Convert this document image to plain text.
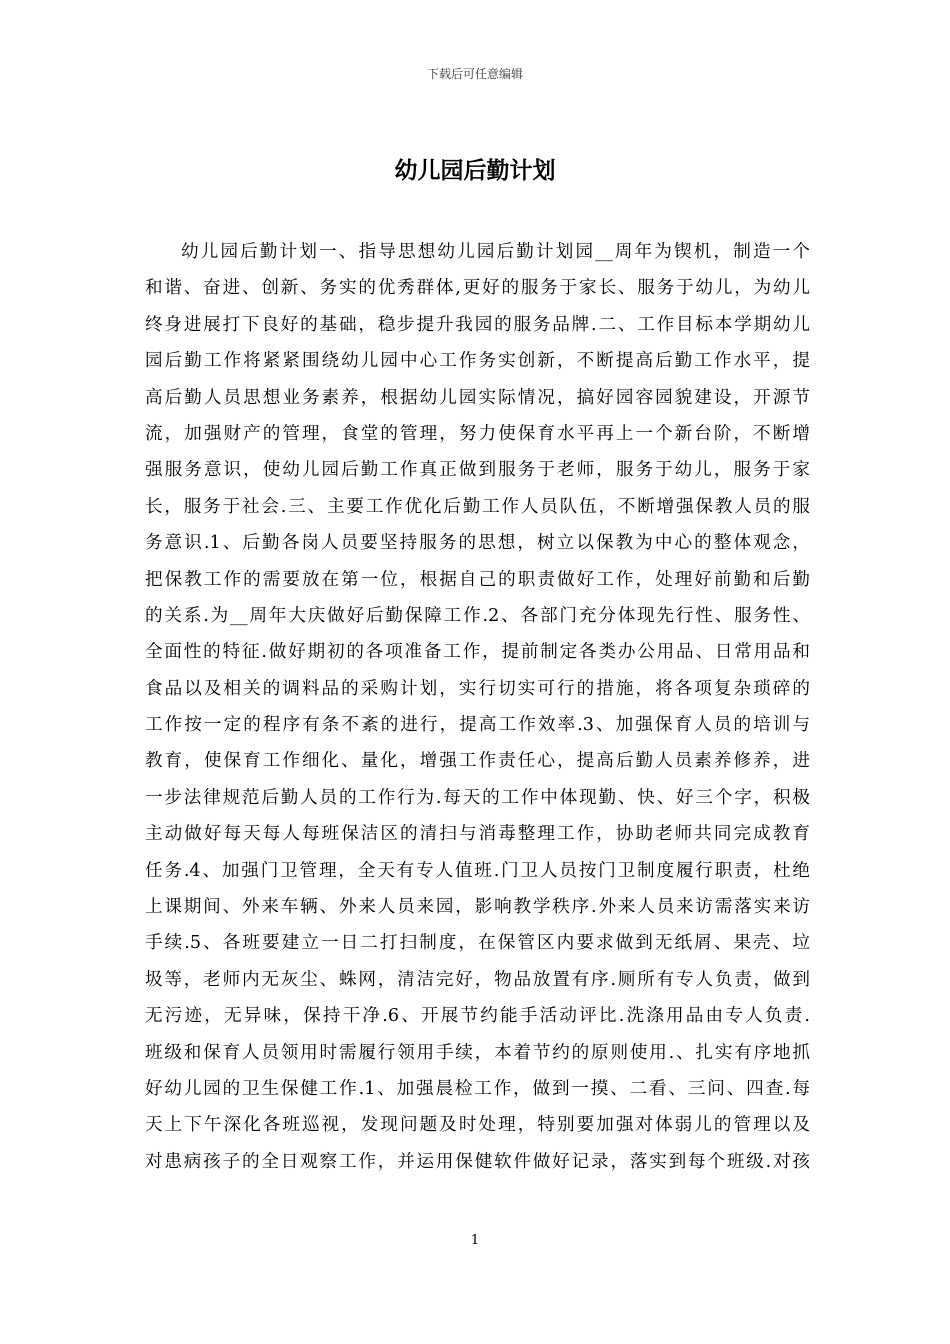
下载后可任意编辑
幼儿园后勤计划
幼儿园后勤计划一、指导思想幼儿园后勤计划园__周年为锲机，制造一个
和谐、奋进、创新、务实的优秀群体,更好的服务于家长、服务于幼儿，为幼儿
终身进展打下良好的基础，稳步提升我园的服务品牌.二、工作目标本学期幼儿
园后勤工作将紧紧围绕幼儿园中心工作务实创新，不断提高后勤工作水平，提
高后勤人员思想业务素养，根据幼儿园实际情况，搞好园容园貌建设，开源节
流，加强财产的管理，食堂的管理，努力使保育水平再上一个新台阶，不断增
强服务意识，使幼儿园后勤工作真正做到服务于老师，服务于幼儿，服务于家
长，服务于社会.三、主要工作优化后勤工作人员队伍，不断增强保教人员的服
务意识.1、后勤各岗人员要坚持服务的思想，树立以保教为中心的整体观念，
把保教工作的需要放在第一位，根据自己的职责做好工作，处理好前勤和后勤
的关系.为__周年大庆做好后勤保障工作.2、各部门充分体现先行性、服务性、
全面性的特征.做好期初的各项准备工作，提前制定各类办公用品、日常用品和
食品以及相关的调料品的采购计划，实行切实可行的措施，将各项复杂琐碎的
工作按一定的程序有条不紊的进行，提高工作效率.3、加强保育人员的培训与
教育，使保育工作细化、量化，增强工作责任心，提高后勤人员素养修养，进
一步法律规范后勤人员的工作行为.每天的工作中体现勤、快、好三个字，积极
主动做好每天每人每班保洁区的清扫与消毒整理工作，协助老师共同完成教育
任务.4、加强门卫管理，全天有专人值班.门卫人员按门卫制度履行职责，杜绝
上课期间、外来车辆、外来人员来园，影响教学秩序.外来人员来访需落实来访
手续.5、各班要建立一日二打扫制度，在保管区内要求做到无纸屑、果壳、垃
圾等，老师内无灰尘、蛛网，清洁完好，物品放置有序.厕所有专人负责，做到
无污迹，无异味，保持干净.6、开展节约能手活动评比.洗涤用品由专人负责.
班级和保育人员领用时需履行领用手续，本着节约的原则使用.、扎实有序地抓
好幼儿园的卫生保健工作.1、加强晨检工作，做到一摸、二看、三问、四查.每
天上下午深化各班巡视，发现问题及时处理，特别要加强对体弱儿的管理以及
对患病孩子的全日观察工作，并运用保健软件做好记录，落实到每个班级.对孩
1
